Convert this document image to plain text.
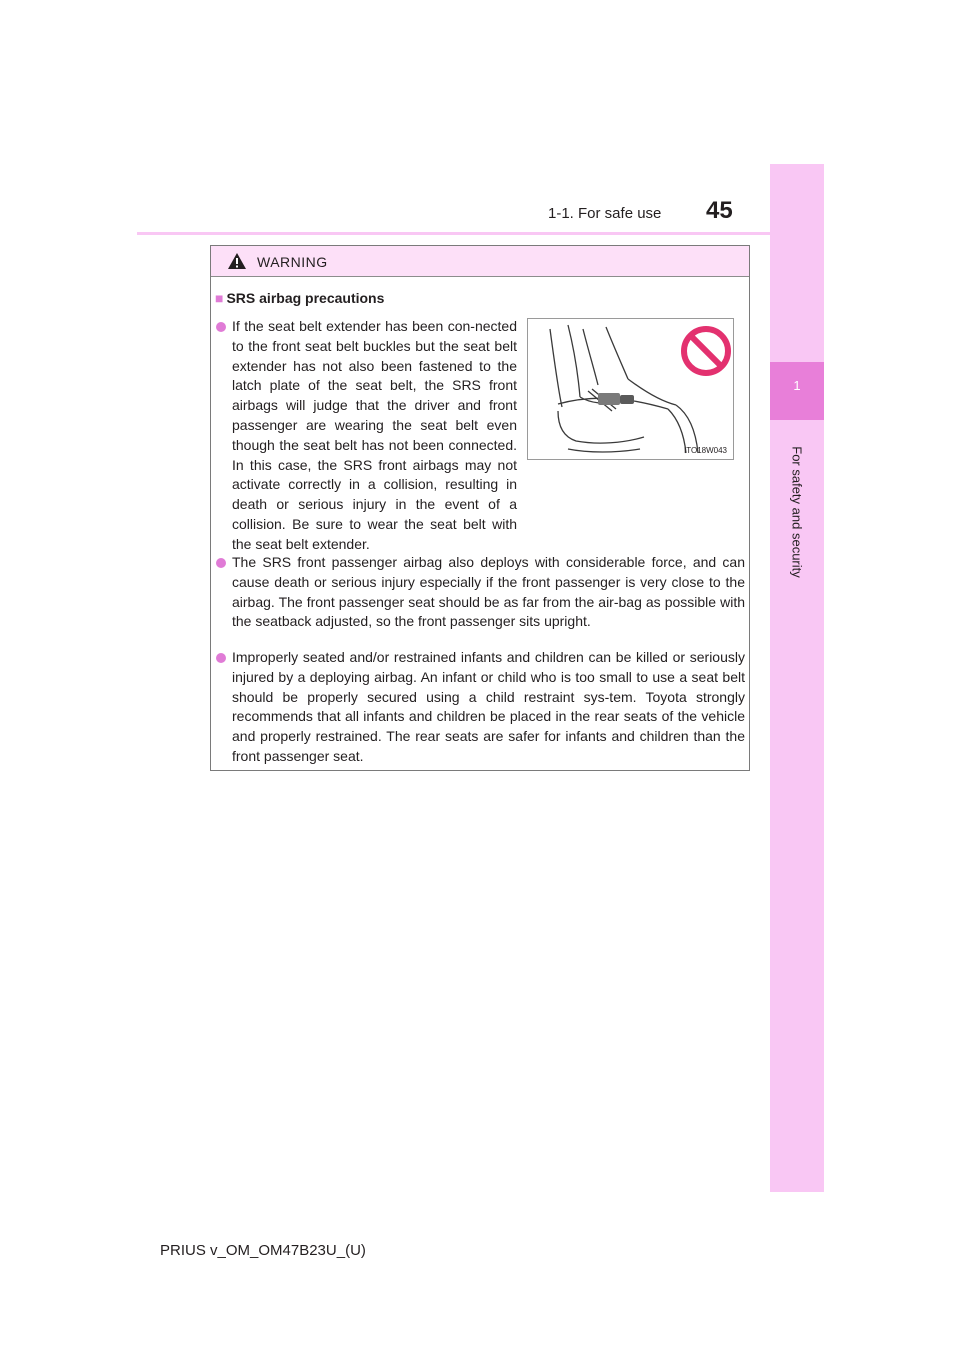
1
For safety and security
1-1. For safe use 45
WARNING
■ SRS airbag precautions
If the seat belt extender has been con-nected to the front seat belt buckles but the seat belt extender has not also been fastened to the latch plate of the seat belt, the SRS front airbags will judge that the driver and front passenger are wearing the seat belt even though the seat belt has not been connected. In this case, the SRS front airbags may not activate correctly in a collision, resulting in death or serious injury in the event of a collision. Be sure to wear the seat belt with the seat belt extender.
ITO18W043
The SRS front passenger airbag also deploys with considerable force, and can cause death or serious injury especially if the front passenger is very close to the airbag. The front passenger seat should be as far from the air-bag as possible with the seatback adjusted, so the front passenger sits upright.
Improperly seated and/or restrained infants and children can be killed or seriously injured by a deploying airbag. An infant or child who is too small to use a seat belt should be properly secured using a child restraint sys-tem. Toyota strongly recommends that all infants and children be placed in the rear seats of the vehicle and properly restrained. The rear seats are safer for infants and children than the front passenger seat.
PRIUS v_OM_OM47B23U_(U)
